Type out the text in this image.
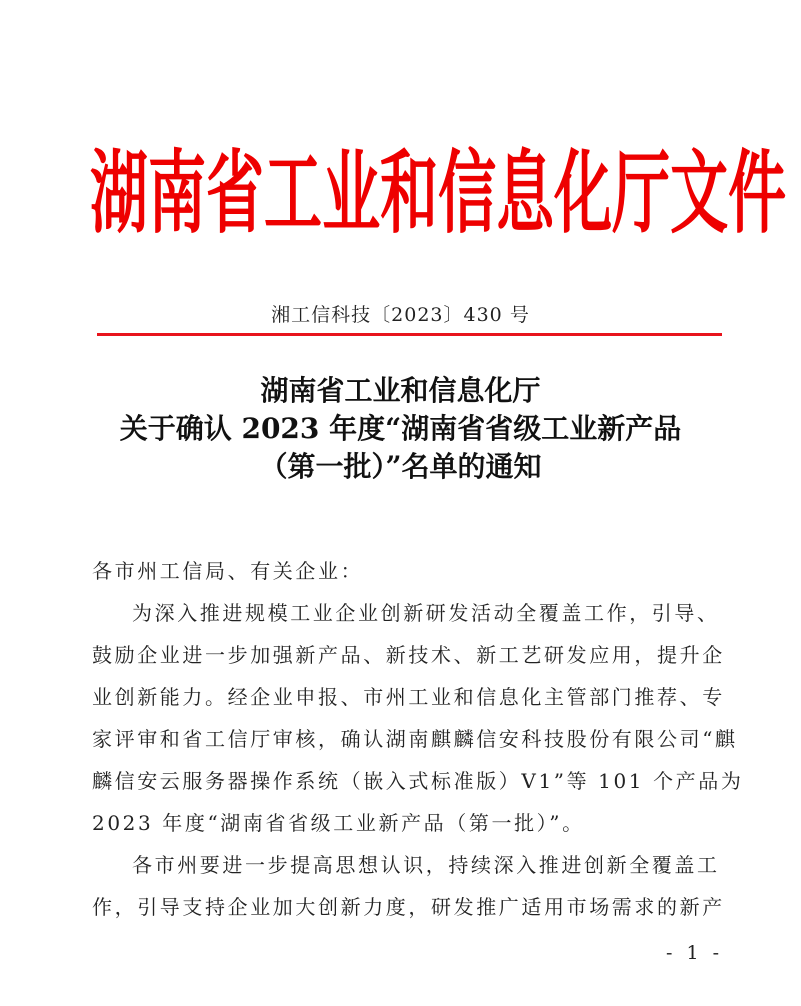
湖 南 省 工 业 和 信 息 化 厅 文 件
湘工信科技〔2023〕430 号
湖南省工业和信息化厅
关于确认 2023 年度“湖南省省级工业新产品
（第一批）”名单的通知

各市州工信局、有关企业：

为深入推进规模工业企业创新研发活动全覆盖工作，引导、
鼓励企业进一步加强新产品、新技术、新工艺研发应用，提升企
业创新能力。经企业申报、市州工业和信息化主管部门推荐、专
家评审和省工信厅审核，确认湖南麒麟信安科技股份有限公司“麒
麟信安云服务器操作系统（嵌入式标准版）V1”等 101 个产品为
2023 年度“湖南省省级工业新产品（第一批）”。

各市州要进一步提高思想认识，持续深入推进创新全覆盖工
作，引导支持企业加大创新力度，研发推广适用市场需求的新产

- 1 -
